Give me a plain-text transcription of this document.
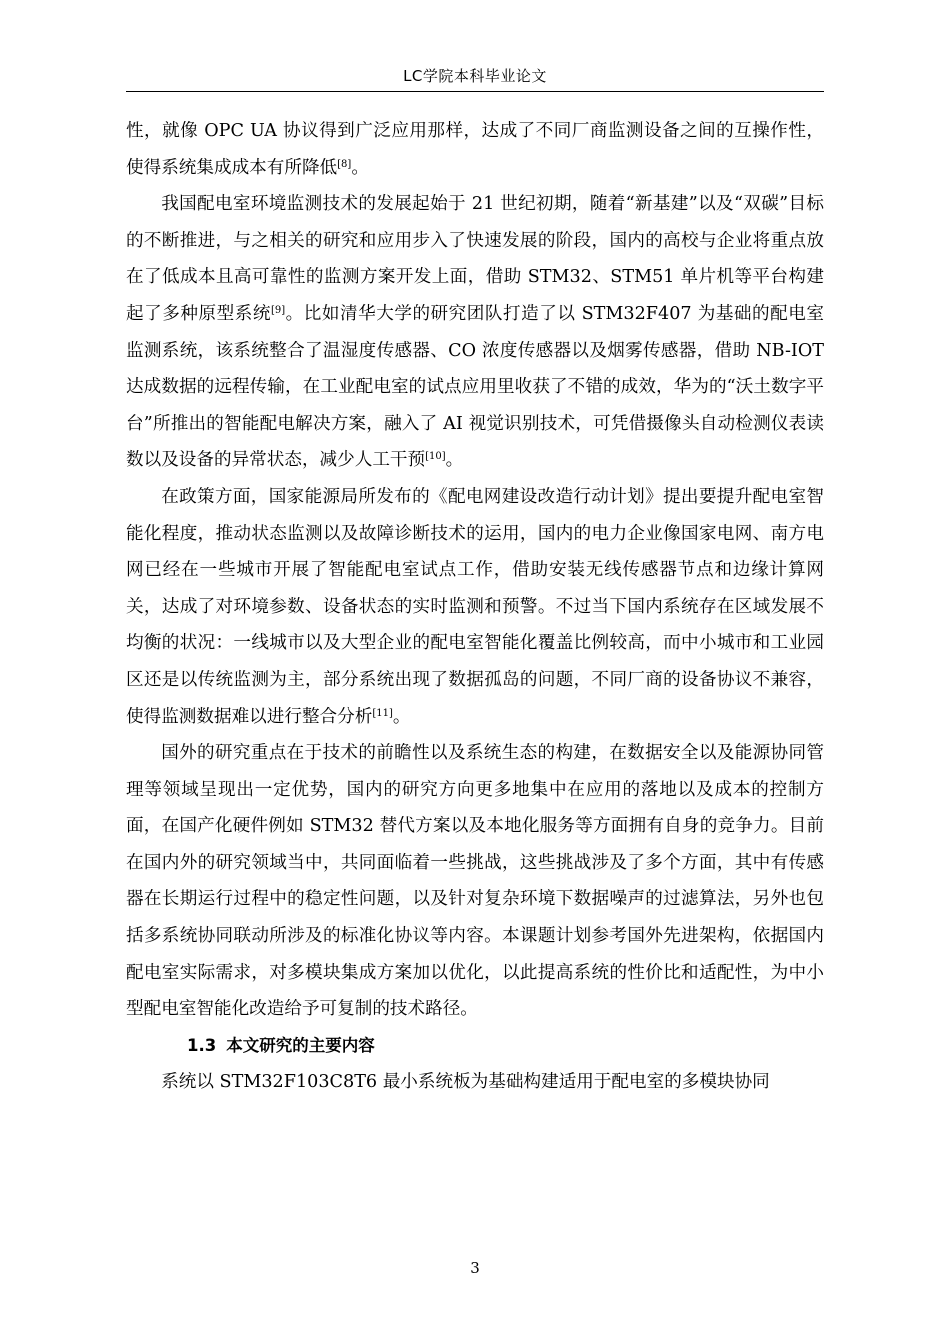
LC学院本科毕业论文

性，就像 OPC UA 协议得到广泛应用那样，达成了不同厂商监测设备之间的互操作性，使得系统集成成本有所降低[8]。

我国配电室环境监测技术的发展起始于 21 世纪初期，随着“新基建”以及“双碳”目标的不断推进，与之相关的研究和应用步入了快速发展的阶段，国内的高校与企业将重点放在了低成本且高可靠性的监测方案开发上面，借助 STM32、STM51 单片机等平台构建起了多种原型系统[9]。比如清华大学的研究团队打造了以 STM32F407 为基础的配电室监测系统，该系统整合了温湿度传感器、CO 浓度传感器以及烟雾传感器，借助 NB-IOT 达成数据的远程传输，在工业配电室的试点应用里收获了不错的成效，华为的“沃土数字平台”所推出的智能配电解决方案，融入了 AI 视觉识别技术，可凭借摄像头自动检测仪表读数以及设备的异常状态，减少人工干预[10]。

在政策方面，国家能源局所发布的《配电网建设改造行动计划》提出要提升配电室智能化程度，推动状态监测以及故障诊断技术的运用，国内的电力企业像国家电网、南方电网已经在一些城市开展了智能配电室试点工作，借助安装无线传感器节点和边缘计算网关，达成了对环境参数、设备状态的实时监测和预警。不过当下国内系统存在区域发展不均衡的状况：一线城市以及大型企业的配电室智能化覆盖比例较高，而中小城市和工业园区还是以传统监测为主，部分系统出现了数据孤岛的问题，不同厂商的设备协议不兼容，使得监测数据难以进行整合分析[11]。

国外的研究重点在于技术的前瞻性以及系统生态的构建，在数据安全以及能源协同管理等领域呈现出一定优势，国内的研究方向更多地集中在应用的落地以及成本的控制方面，在国产化硬件例如 STM32 替代方案以及本地化服务等方面拥有自身的竞争力。目前在国内外的研究领域当中，共同面临着一些挑战，这些挑战涉及了多个方面，其中有传感器在长期运行过程中的稳定性问题，以及针对复杂环境下数据噪声的过滤算法，另外也包括多系统协同联动所涉及的标准化协议等内容。本课题计划参考国外先进架构，依据国内配电室实际需求，对多模块集成方案加以优化，以此提高系统的性价比和适配性，为中小型配电室智能化改造给予可复制的技术路径。

1.3 本文研究的主要内容

系统以 STM32F103C8T6 最小系统板为基础构建适用于配电室的多模块协同

3
